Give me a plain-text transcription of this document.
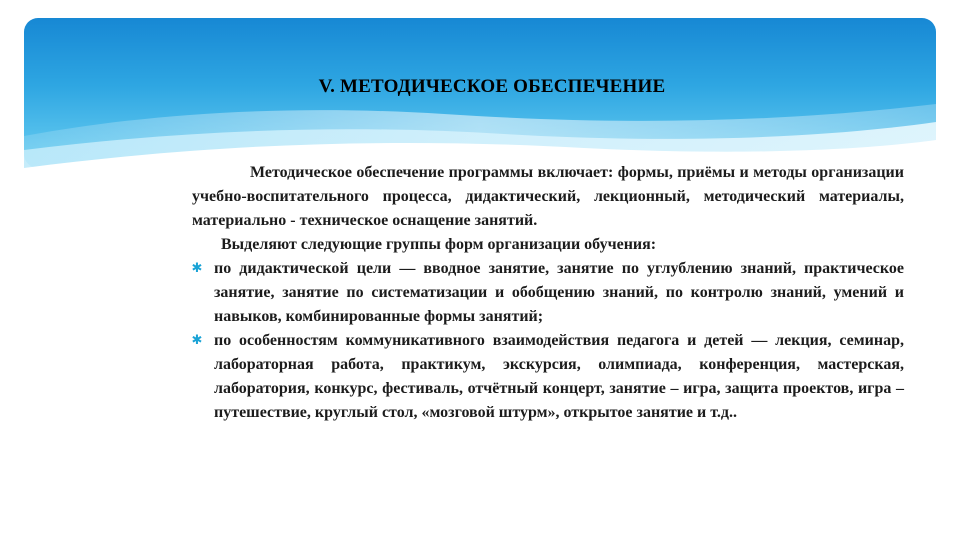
V. МЕТОДИЧЕСКОЕ ОБЕСПЕЧЕНИЕ

Методическое обеспечение программы включает: формы, приёмы и методы организации учебно-воспитательного процесса, дидактический, лекционный, методический материалы, материально - техническое оснащение занятий.

Выделяют следующие группы форм организации обучения:

✱ по дидактической цели — вводное занятие, занятие по углублению знаний, практическое занятие, занятие по систематизации и обобщению знаний, по контролю знаний, умений и навыков, комбинированные формы занятий;
✱ по особенностям коммуникативного взаимодействия педагога и детей — лекция, семинар, лабораторная работа, практикум, экскурсия, олимпиада, конференция, мастерская, лаборатория, конкурс, фестиваль, отчётный концерт, занятие – игра, защита проектов, игра – путешествие, круглый стол, «мозговой штурм», открытое занятие и т.д..
